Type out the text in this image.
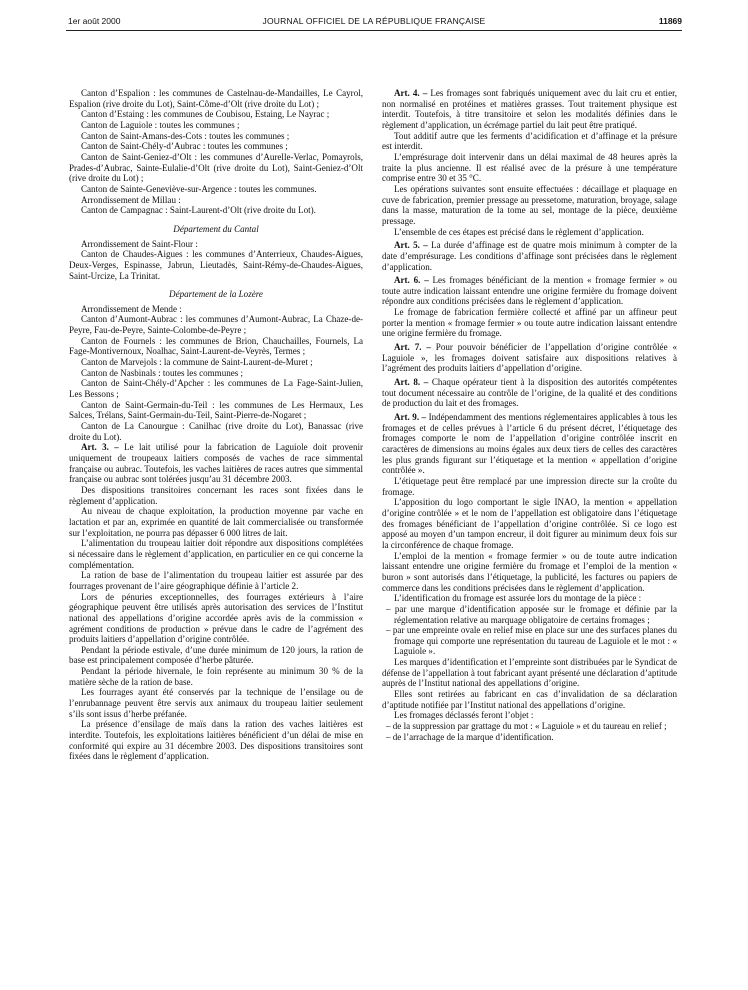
1er août 2000	JOURNAL OFFICIEL DE LA RÉPUBLIQUE FRANÇAISE	11869

Canton d’Espalion : les communes de Castelnau-de-Mandailles, Le Cayrol, Espalion (rive droite du Lot), Saint-Côme-d’Olt (rive droite du Lot) ;

Canton d’Estaing : les communes de Coubisou, Estaing, Le Nayrac ;

Canton de Laguiole : toutes les communes ;

Canton de Saint-Amans-des-Cots : toutes les communes ;

Canton de Saint-Chély-d’Aubrac : toutes les communes ;

Canton de Saint-Geniez-d’Olt : les communes d’Aurelle-Verlac, Pomayrols, Prades-d’Aubrac, Sainte-Eulalie-d’Olt (rive droite du Lot), Saint-Geniez-d’Olt (rive droite du Lot) ;

Canton de Sainte-Geneviève-sur-Argence : toutes les communes.

Arrondissement de Millau :

Canton de Campagnac : Saint-Laurent-d’Olt (rive droite du Lot).

Département du Cantal

Arrondissement de Saint-Flour :

Canton de Chaudes-Aigues : les communes d’Anterrieux, Chaudes-Aigues, Deux-Verges, Espinasse, Jabrun, Lieutadès, Saint-Rémy-de-Chaudes-Aigues, Saint-Urcize, La Trinitat.

Département de la Lozère

Arrondissement de Mende :

Canton d’Aumont-Aubrac : les communes d’Aumont-Aubrac, La Chaze-de-Peyre, Fau-de-Peyre, Sainte-Colombe-de-Peyre ;

Canton de Fournels : les communes de Brion, Chauchailles, Fournels, La Fage-Montivernoux, Noalhac, Saint-Laurent-de-Veyrès, Termes ;

Canton de Marvejols : la commune de Saint-Laurent-de-Muret ;

Canton de Nasbinals : toutes les communes ;

Canton de Saint-Chély-d’Apcher : les communes de La Fage-Saint-Julien, Les Bessons ;

Canton de Saint-Germain-du-Teil : les communes de Les Hermaux, Les Salces, Trélans, Saint-Germain-du-Teil, Saint-Pierre-de-Nogaret ;

Canton de La Canourgue : Canilhac (rive droite du Lot), Banassac (rive droite du Lot).

Art. 3. – Le lait utilisé pour la fabrication de Laguiole doit provenir uniquement de troupeaux laitiers composés de vaches de race simmental française ou aubrac. Toutefois, les vaches laitières de races autres que simmental française ou aubrac sont tolérées jusqu’au 31 décembre 2003.

Des dispositions transitoires concernant les races sont fixées dans le règlement d’application.

Au niveau de chaque exploitation, la production moyenne par vache en lactation et par an, exprimée en quantité de lait commercialisée ou transformée sur l’exploitation, ne pourra pas dépasser 6 000 litres de lait.

L’alimentation du troupeau laitier doit répondre aux dispositions complétées si nécessaire dans le règlement d’application, en particulier en ce qui concerne la complémentation.

La ration de base de l’alimentation du troupeau laitier est assurée par des fourrages provenant de l’aire géographique définie à l’article 2.

Lors de pénuries exceptionnelles, des fourrages extérieurs à l’aire géographique peuvent être utilisés après autorisation des services de l’Institut national des appellations d’origine accordée après avis de la commission « agrément conditions de production » prévue dans le cadre de l’agrément des produits laitiers d’appellation d’origine contrôlée.

Pendant la période estivale, d’une durée minimum de 120 jours, la ration de base est principalement composée d’herbe pâturée.

Pendant la période hivernale, le foin représente au minimum 30 % de la matière sèche de la ration de base.

Les fourrages ayant été conservés par la technique de l’ensilage ou de l’enrubannage peuvent être servis aux animaux du troupeau laitier seulement s’ils sont issus d’herbe préfanée.

La présence d’ensilage de maïs dans la ration des vaches laitières est interdite. Toutefois, les exploitations laitières bénéficient d’un délai de mise en conformité qui expire au 31 décembre 2003. Des dispositions transitoires sont fixées dans le règlement d’application.

Art. 4. – Les fromages sont fabriqués uniquement avec du lait cru et entier, non normalisé en protéines et matières grasses. Tout traitement physique est interdit. Toutefois, à titre transitoire et selon les modalités définies dans le règlement d’application, un écrémage partiel du lait peut être pratiqué.

Tout additif autre que les ferments d’acidification et d’affinage et la présure est interdit.

L’emprésurage doit intervenir dans un délai maximal de 48 heures après la traite la plus ancienne. Il est réalisé avec de la présure à une température comprise entre 30 et 35 °C.

Les opérations suivantes sont ensuite effectuées : décaillage et plaquage en cuve de fabrication, premier pressage au pressetome, maturation, broyage, salage dans la masse, maturation de la tome au sel, montage de la pièce, deuxième pressage.

L’ensemble de ces étapes est précisé dans le règlement d’application.

Art. 5. – La durée d’affinage est de quatre mois minimum à compter de la date d’emprésurage. Les conditions d’affinage sont précisées dans le règlement d’application.

Art. 6. – Les fromages bénéficiant de la mention « fromage fermier » ou toute autre indication laissant entendre une origine fermière du fromage doivent répondre aux conditions précisées dans le règlement d’application.

Le fromage de fabrication fermière collecté et affiné par un affineur peut porter la mention « fromage fermier » ou toute autre indication laissant entendre une origine fermière du fromage.

Art. 7. – Pour pouvoir bénéficier de l’appellation d’origine contrôlée « Laguiole », les fromages doivent satisfaire aux dispositions relatives à l’agrément des produits laitiers d’appellation d’origine.

Art. 8. – Chaque opérateur tient à la disposition des autorités compétentes tout document nécessaire au contrôle de l’origine, de la qualité et des conditions de production du lait et des fromages.

Art. 9. – Indépendamment des mentions réglementaires applicables à tous les fromages et de celles prévues à l’article 6 du présent décret, l’étiquetage des fromages comporte le nom de l’appellation d’origine contrôlée inscrit en caractères de dimensions au moins égales aux deux tiers de celles des caractères les plus grands figurant sur l’étiquetage et la mention « appellation d’origine contrôlée ».

L’étiquetage peut être remplacé par une impression directe sur la croûte du fromage.

L’apposition du logo comportant le sigle INAO, la mention « appellation d’origine contrôlée » et le nom de l’appellation est obligatoire dans l’étiquetage des fromages bénéficiant de l’appellation d’origine contrôlée. Si ce logo est apposé au moyen d’un tampon encreur, il doit figurer au minimum deux fois sur la circonférence de chaque fromage.

L’emploi de la mention « fromage fermier » ou de toute autre indication laissant entendre une origine fermière du fromage et l’emploi de la mention « buron » sont autorisés dans l’étiquetage, la publicité, les factures ou papiers de commerce dans les conditions précisées dans le règlement d’application.

L’identification du fromage est assurée lors du montage de la pièce :

– par une marque d’identification apposée sur le fromage et définie par la réglementation relative au marquage obligatoire de certains fromages ;

– par une empreinte ovale en relief mise en place sur une des surfaces planes du fromage qui comporte une représentation du taureau de Laguiole et le mot : « Laguiole ».

Les marques d’identification et l’empreinte sont distribuées par le Syndicat de défense de l’appellation à tout fabricant ayant présenté une déclaration d’aptitude auprès de l’Institut national des appellations d’origine.

Elles sont retirées au fabricant en cas d’invalidation de sa déclaration d’aptitude notifiée par l’Institut national des appellations d’origine.

Les fromages déclassés feront l’objet :

– de la suppression par grattage du mot : « Laguiole » et du taureau en relief ;

– de l’arrachage de la marque d’identification.
